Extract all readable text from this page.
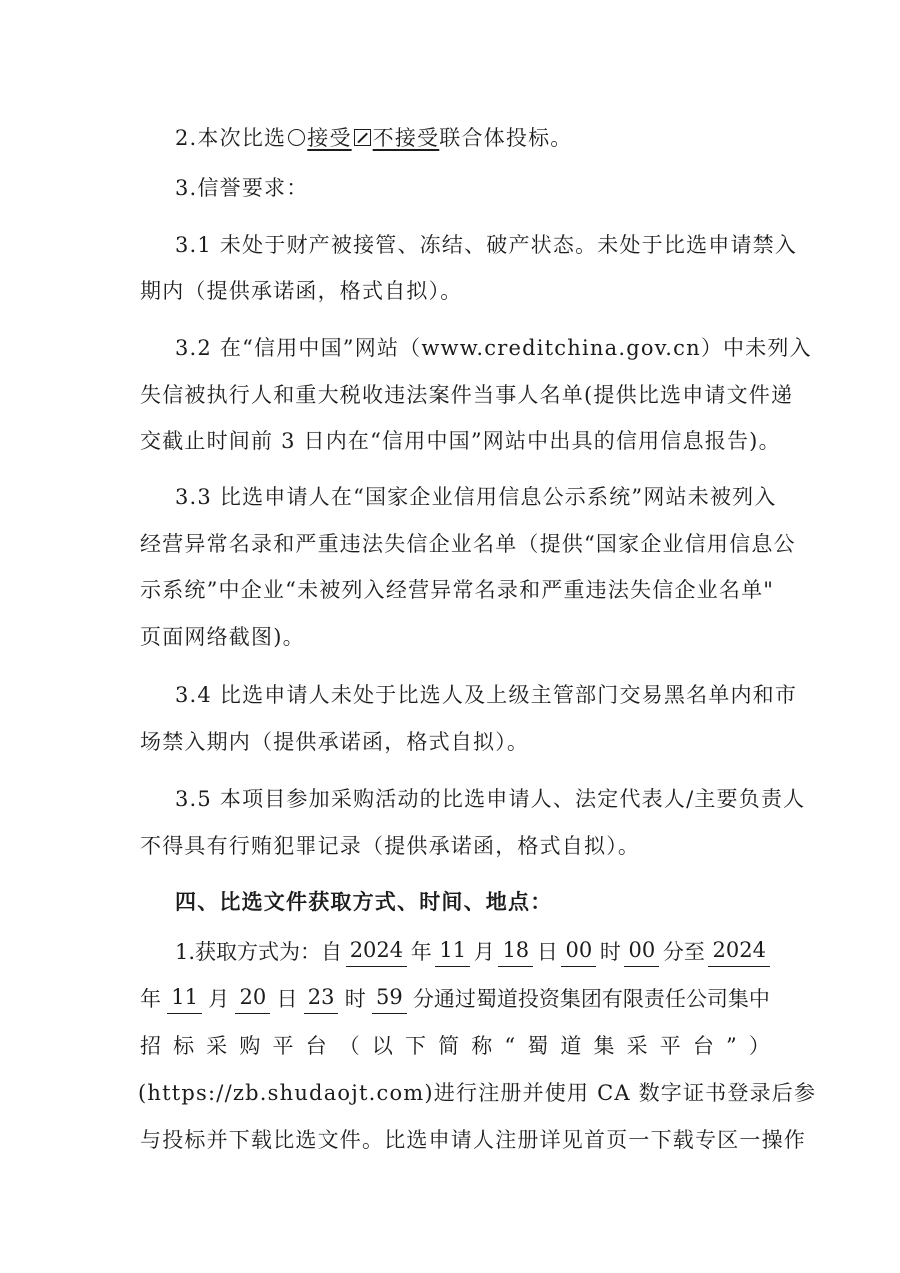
2.本次比选 接受 不接受联合体投标。
3.信誉要求：
3.1 未处于财产被接管、冻结、破产状态。未处于比选申请禁入
期内（提供承诺函，格式自拟）。
3.2 在“信用中国”网站（www.creditchina.gov.cn）中未列入
失信被执行人和重大税收违法案件当事人名单(提供比选申请文件递
交截止时间前 3 日内在“信用中国”网站中出具的信用信息报告)。
3.3 比选申请人在“国家企业信用信息公示系统”网站未被列入
经营异常名录和严重违法失信企业名单（提供“国家企业信用信息公
示系统”中企业“未被列入经营异常名录和严重违法失信企业名单"
页面网络截图)。
3.4 比选申请人未处于比选人及上级主管部门交易黑名单内和市
场禁入期内（提供承诺函，格式自拟）。
3.5 本项目参加采购活动的比选申请人、法定代表人/主要负责人
不得具有行贿犯罪记录（提供承诺函，格式自拟）。
四、比选文件获取方式、时间、地点：
1.获取方式为：自 2024 年 11 月 18 日 00 时 00 分至 2024
年 11 月 20 日 23 时 59 分通过蜀道投资集团有限责任公司集中
招 标 采 购 平 台 （ 以 下 简 称 “ 蜀 道 集 采 平 台 ” ）
(https://zb.shudaojt.com)进行注册并使用 CA 数字证书登录后参
与投标并下载比选文件。比选申请人注册详见首页一下载专区一操作
